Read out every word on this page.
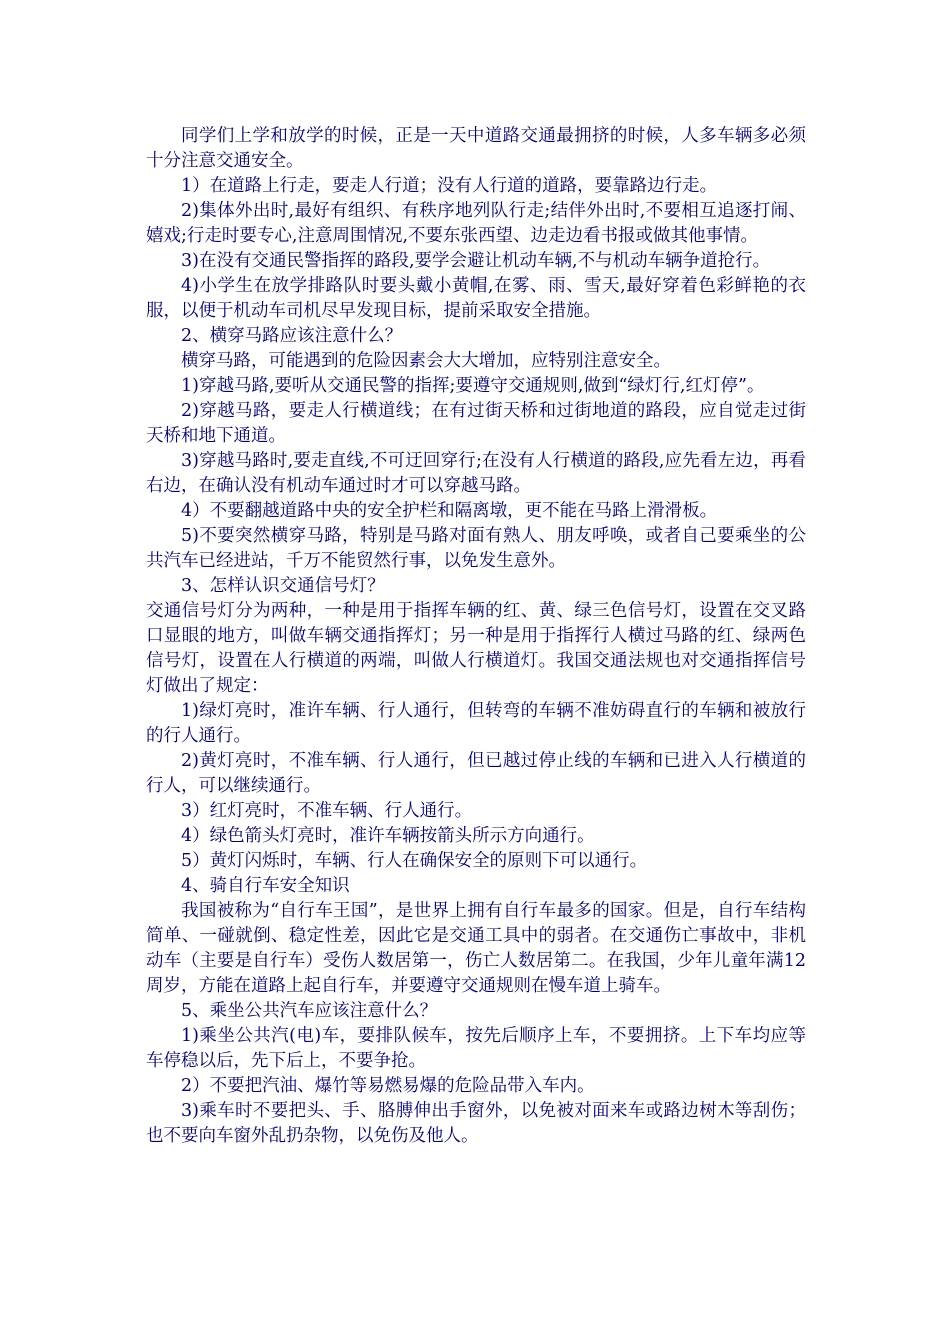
同学们上学和放学的时候，正是一天中道路交通最拥挤的时候，人多车辆多必须十分注意交通安全。

1）在道路上行走，要走人行道；没有人行道的道路，要靠路边行走。

2)集体外出时,最好有组织、有秩序地列队行走;结伴外出时,不要相互追逐打闹、嬉戏;行走时要专心,注意周围情况,不要东张西望、边走边看书报或做其他事情。

3)在没有交通民警指挥的路段,要学会避让机动车辆,不与机动车辆争道抢行。

4)小学生在放学排路队时要头戴小黄帽,在雾、雨、雪天,最好穿着色彩鲜艳的衣服，以便于机动车司机尽早发现目标，提前采取安全措施。

2、横穿马路应该注意什么？

横穿马路，可能遇到的危险因素会大大增加，应特别注意安全。

1)穿越马路,要听从交通民警的指挥;要遵守交通规则,做到“绿灯行,红灯停”。

2)穿越马路，要走人行横道线；在有过街天桥和过街地道的路段，应自觉走过街天桥和地下通道。

3)穿越马路时,要走直线,不可迂回穿行;在没有人行横道的路段,应先看左边，再看右边，在确认没有机动车通过时才可以穿越马路。

4）不要翻越道路中央的安全护栏和隔离墩，更不能在马路上滑滑板。

5)不要突然横穿马路，特别是马路对面有熟人、朋友呼唤，或者自己要乘坐的公共汽车已经进站，千万不能贸然行事，以免发生意外。

3、怎样认识交通信号灯？

交通信号灯分为两种，一种是用于指挥车辆的红、黄、绿三色信号灯，设置在交叉路口显眼的地方，叫做车辆交通指挥灯；另一种是用于指挥行人横过马路的红、绿两色信号灯，设置在人行横道的两端，叫做人行横道灯。我国交通法规也对交通指挥信号灯做出了规定：

1)绿灯亮时，准许车辆、行人通行，但转弯的车辆不准妨碍直行的车辆和被放行的行人通行。

2)黄灯亮时，不准车辆、行人通行，但已越过停止线的车辆和已进入人行横道的行人，可以继续通行。

3）红灯亮时，不准车辆、行人通行。

4）绿色箭头灯亮时，准许车辆按箭头所示方向通行。

5）黄灯闪烁时，车辆、行人在确保安全的原则下可以通行。

4、骑自行车安全知识

我国被称为“自行车王国”，是世界上拥有自行车最多的国家。但是，自行车结构简单、一碰就倒、稳定性差，因此它是交通工具中的弱者。在交通伤亡事故中，非机动车（主要是自行车）受伤人数居第一，伤亡人数居第二。在我国，少年儿童年满12周岁，方能在道路上起自行车，并要遵守交通规则在慢车道上骑车。

5、乘坐公共汽车应该注意什么？

1)乘坐公共汽(电)车，要排队候车，按先后顺序上车，不要拥挤。上下车均应等车停稳以后，先下后上，不要争抢。

2）不要把汽油、爆竹等易燃易爆的危险品带入车内。

3)乘车时不要把头、手、胳膊伸出手窗外，以免被对面来车或路边树木等刮伤；也不要向车窗外乱扔杂物，以免伤及他人。
